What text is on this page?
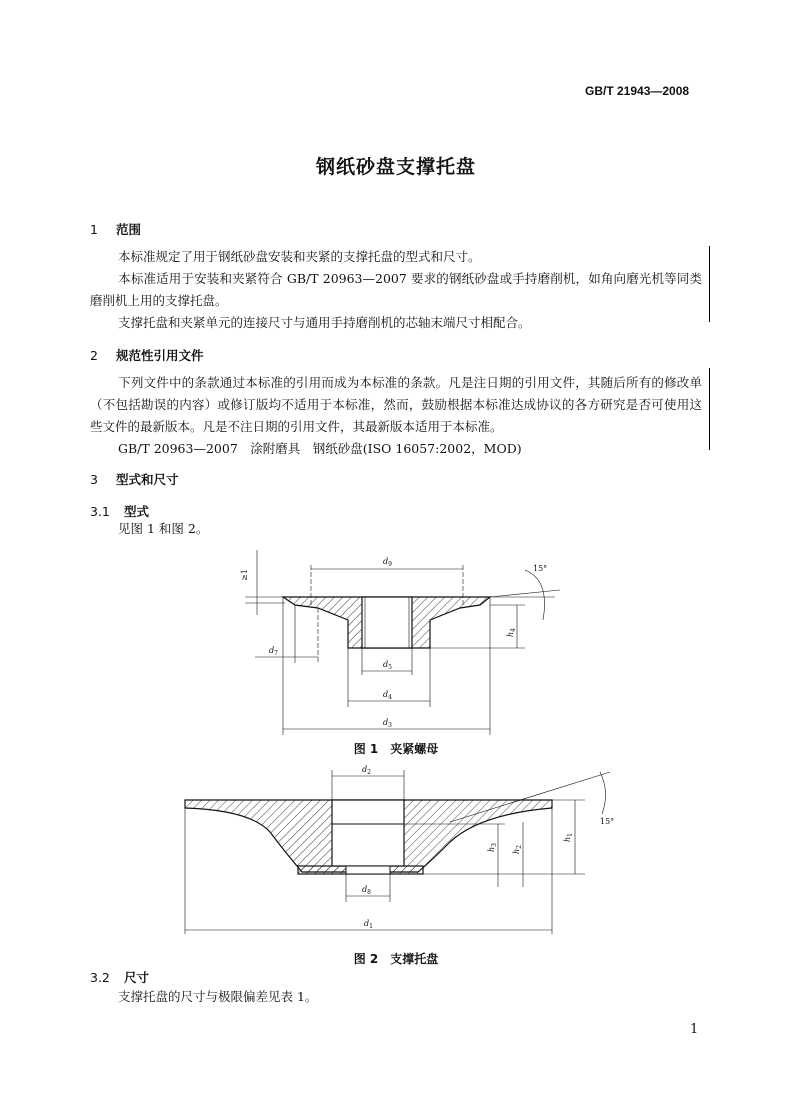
GB/T 21943—2008
钢纸砂盘支撑托盘
1 范围
本标准规定了用于钢纸砂盘安装和夹紧的支撑托盘的型式和尺寸。
本标准适用于安装和夹紧符合 GB/T 20963—2007 要求的钢纸砂盘或手持磨削机，如角向磨光机等同类磨削机上用的支撑托盘。
支撑托盘和夹紧单元的连接尺寸与通用手持磨削机的芯轴末端尺寸相配合。
2 规范性引用文件
下列文件中的条款通过本标准的引用而成为本标准的条款。凡是注日期的引用文件，其随后所有的修改单（不包括勘误的内容）或修订版均不适用于本标准，然而，鼓励根据本标准达成协议的各方研究是否可使用这些文件的最新版本。凡是不注日期的引用文件，其最新版本适用于本标准。
GB/T 20963—2007　涂附磨具　钢纸砂盘(ISO 16057:2002，MOD)
3 型式和尺寸
3.1 型式
见图 1 和图 2。
≥1
$d_9$	15°
$h_4$
$d_7$
$d_5$
$d_4$
$d_3$
图 1　夹紧螺母
$d_2$
$d_8$
$d_1$
$h_3$
$h_2$
$h_1$
15°
图 2　支撑托盘
3.2 尺寸
支撑托盘的尺寸与极限偏差见表 1。
1
